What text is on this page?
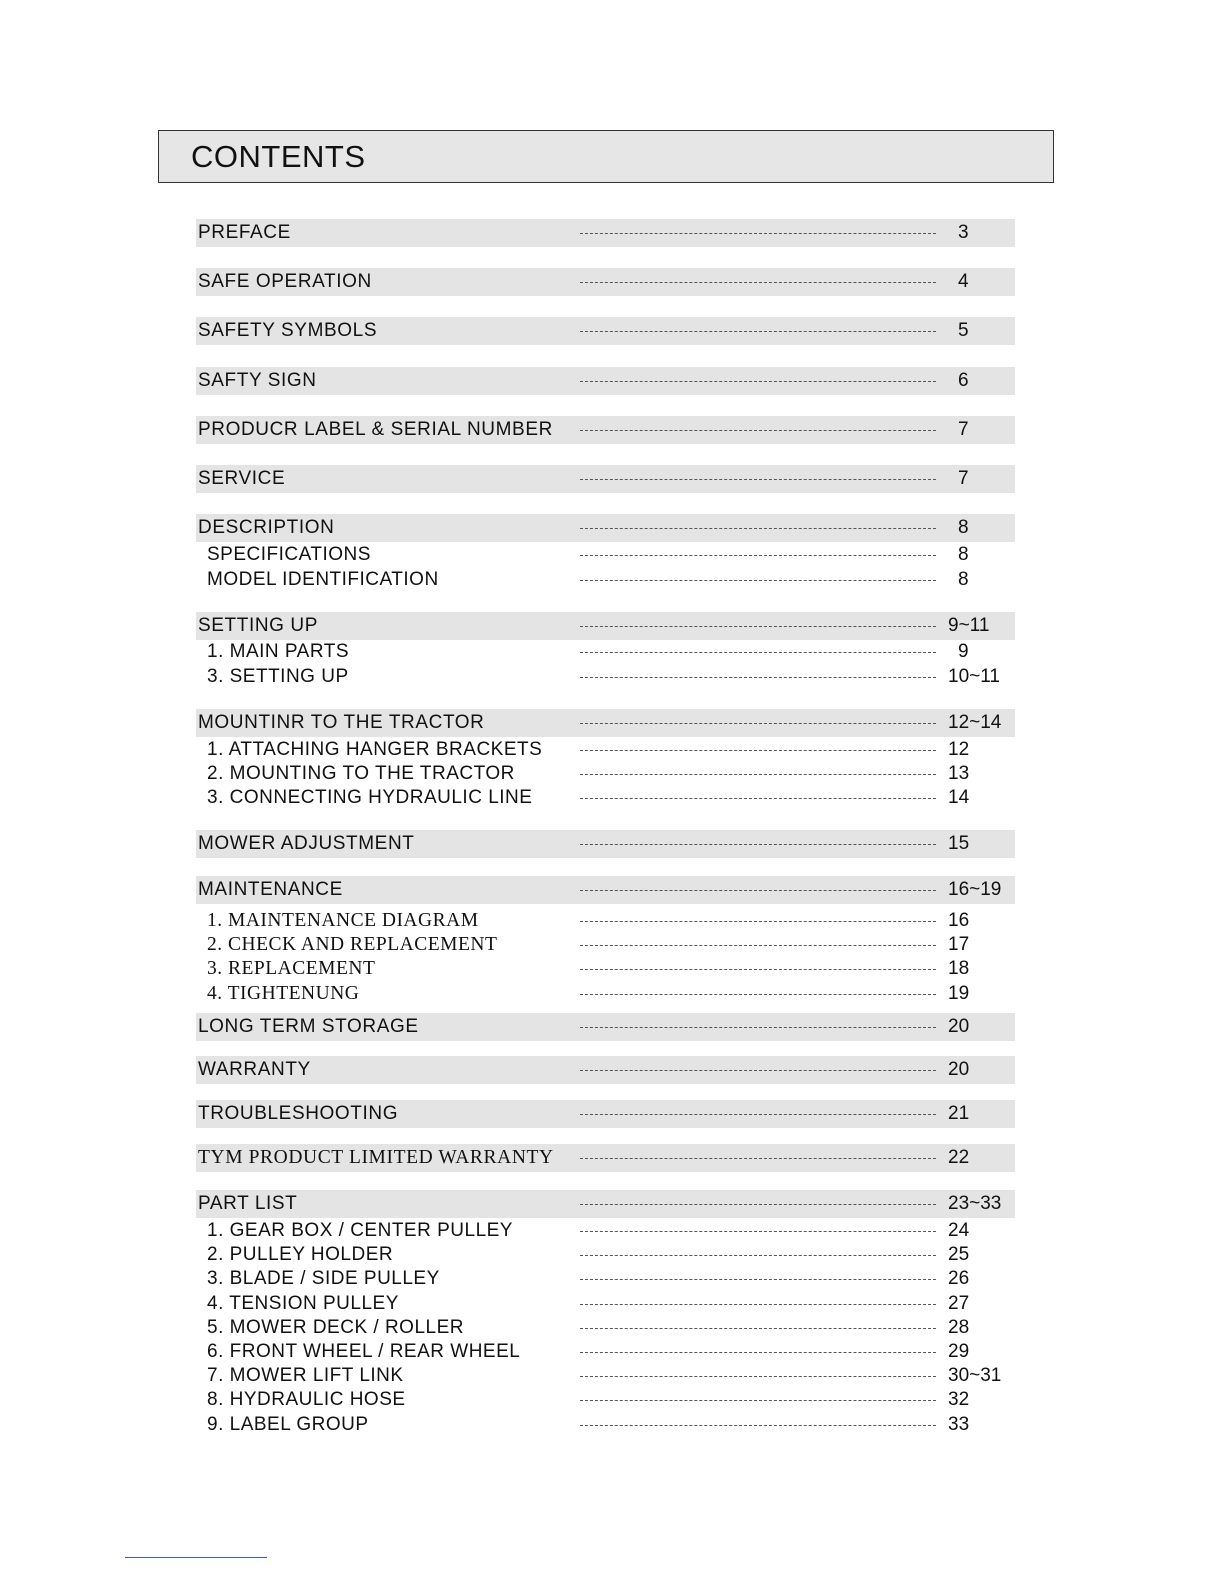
CONTENTS
PREFACE	3
SAFE OPERATION	4
SAFETY SYMBOLS	5
SAFTY SIGN	6
PRODUCR LABEL & SERIAL NUMBER	7
SERVICE	7
DESCRIPTION	8
SPECIFICATIONS	8
MODEL IDENTIFICATION	8
SETTING UP	9~11
1. MAIN PARTS	9
3. SETTING UP	10~11
MOUNTINR TO THE TRACTOR	12~14
1. ATTACHING HANGER BRACKETS	12
2. MOUNTING TO THE TRACTOR	13
3. CONNECTING HYDRAULIC LINE	14
MOWER ADJUSTMENT	15
MAINTENANCE	16~19
1. MAINTENANCE DIAGRAM	16
2. CHECK AND REPLACEMENT	17
3. REPLACEMENT	18
4. TIGHTENUNG	19
LONG TERM STORAGE	20
WARRANTY	20
TROUBLESHOOTING	21
TYM PRODUCT LIMITED WARRANTY	22
PART LIST	23~33
1. GEAR BOX / CENTER PULLEY	24
2. PULLEY HOLDER	25
3. BLADE / SIDE PULLEY	26
4. TENSION PULLEY	27
5. MOWER DECK / ROLLER	28
6. FRONT WHEEL / REAR WHEEL	29
7. MOWER LIFT LINK	30~31
8. HYDRAULIC HOSE	32
9. LABEL GROUP	33
